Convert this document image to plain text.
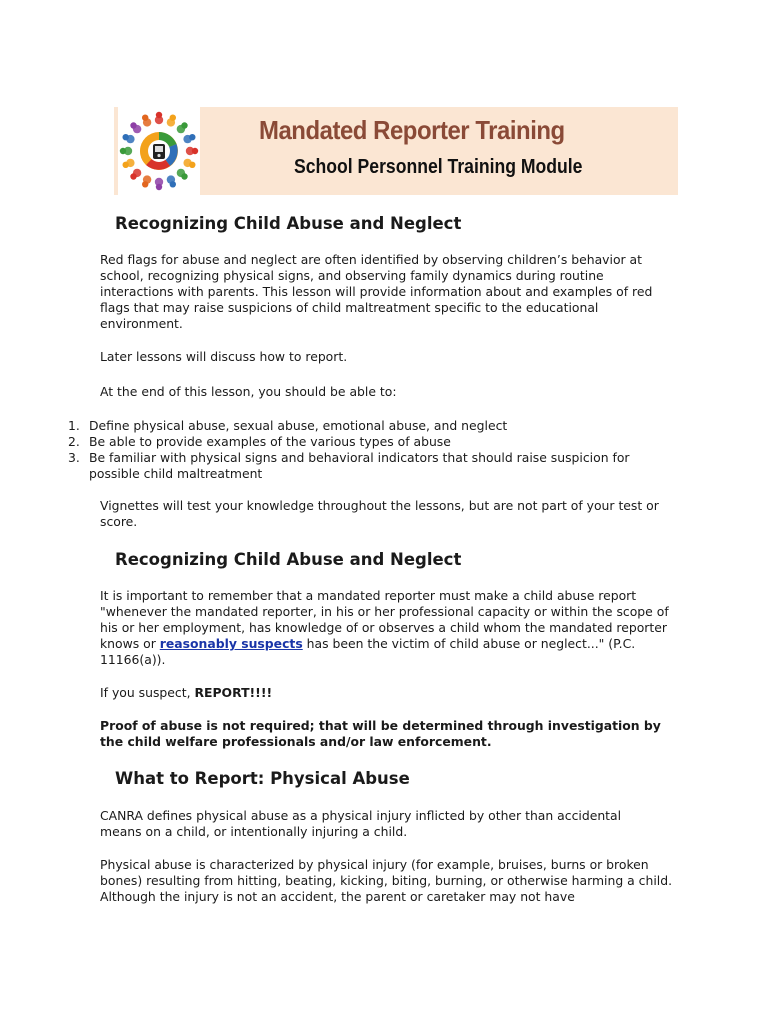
Mandated Reporter Training
School Personnel Training Module
Recognizing Child Abuse and Neglect
Red flags for abuse and neglect are often identified by observing children’s behavior at school, recognizing physical signs, and observing family dynamics during routine interactions with parents. This lesson will provide information about and examples of red flags that may raise suspicions of child maltreatment specific to the educational environment.
Later lessons will discuss how to report.
At the end of this lesson, you should be able to:
1. Define physical abuse, sexual abuse, emotional abuse, and neglect
2. Be able to provide examples of the various types of abuse
3. Be familiar with physical signs and behavioral indicators that should raise suspicion for possible child maltreatment
Vignettes will test your knowledge throughout the lessons, but are not part of your test or score.
Recognizing Child Abuse and Neglect
It is important to remember that a mandated reporter must make a child abuse report "whenever the mandated reporter, in his or her professional capacity or within the scope of his or her employment, has knowledge of or observes a child whom the mandated reporter knows or reasonably suspects has been the victim of child abuse or neglect..." (P.C. 11166(a)).
If you suspect, REPORT!!!!
Proof of abuse is not required; that will be determined through investigation by the child welfare professionals and/or law enforcement.
What to Report: Physical Abuse
CANRA defines physical abuse as a physical injury inflicted by other than accidental means on a child, or intentionally injuring a child.
Physical abuse is characterized by physical injury (for example, bruises, burns or broken bones) resulting from hitting, beating, kicking, biting, burning, or otherwise harming a child. Although the injury is not an accident, the parent or caretaker may not have
